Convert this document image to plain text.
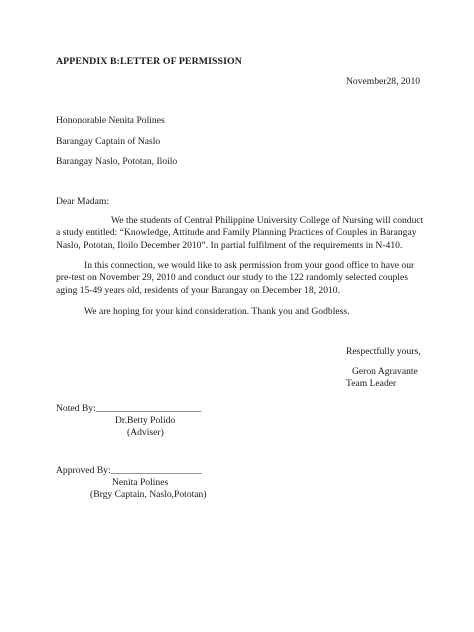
APPENDIX B:LETTER OF PERMISSION
November28, 2010
Hononorable Nenita Polines
Barangay Captain of Naslo
Barangay Naslo, Pototan, Iloilo
Dear Madam:
We the students of Central Philippine University College of Nursing will conduct
a study entitled: “Knowledge, Attitude and Family Planning Practices of Couples in Barangay
Naslo, Pototan, Iloilo December 2010”. In partial fulfilment of the requirements in N-410.
In this connection, we would like to ask permission from your good office to have our
pre-test on November 29, 2010 and conduct our study to the 122 randomly selected couples
aging 15-49 years old, residents of your Barangay on December 18, 2010.
We are hoping for your kind consideration. Thank you and Godbless.
Respectfully yours,
Geron Agravante
Team Leader
Noted By:______________________
Dr.Betty Polido
(Adviser)
Approved By:___________________
Nenita Polines
(Brgy Captain, Naslo,Pototan)
